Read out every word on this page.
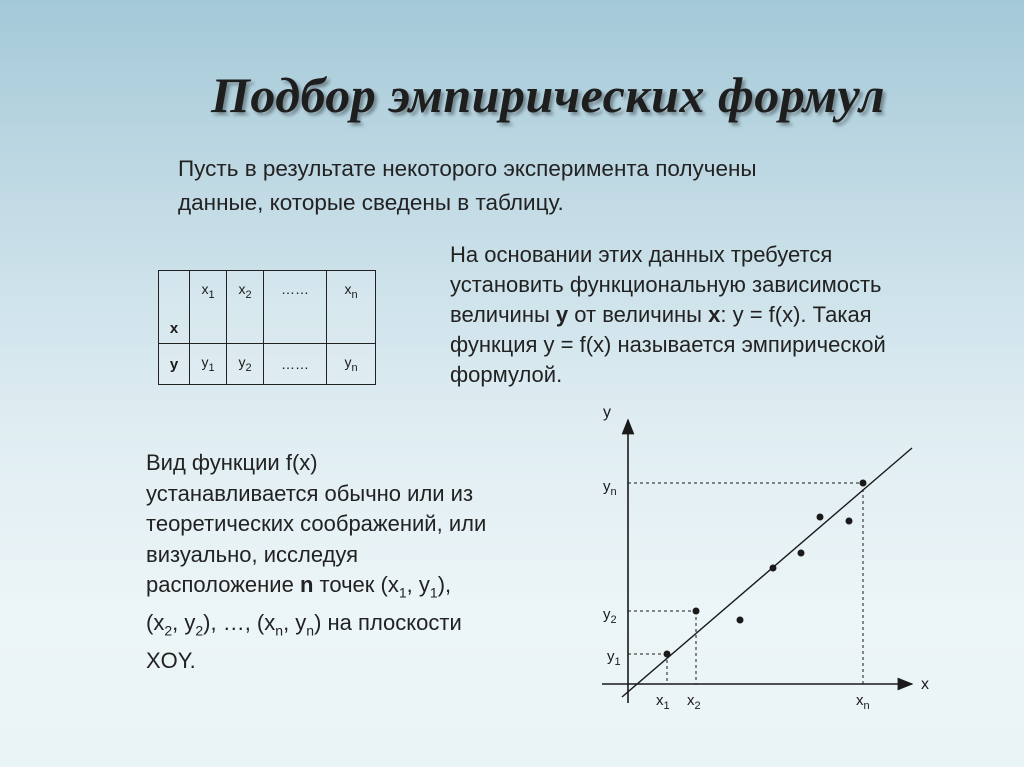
Подбор эмпирических формул
Пусть в результате некоторого эксперимента получены
данные, которые сведены в таблицу.
x	$x_1$	$x_2$	……	$x_n$
y	$y_1$	$y_2$	……	$y_n$
На основании этих данных требуется
установить функциональную зависимость
величины y от величины x: y = f(x). Такая
функция y = f(x) называется эмпирической
формулой.
Вид функции f(x)
устанавливается обычно или из
теоретических соображений, или
визуально, исследуя
расположение n точек ($x_1$, $y_1$),
($x_2$, $y_2$), …, ($x_n$, $y_n$) на плоскости
XOY.
y
x
$y_n$
$y_2$
$y_1$
$x_1$ $x_2$	$x_n$
